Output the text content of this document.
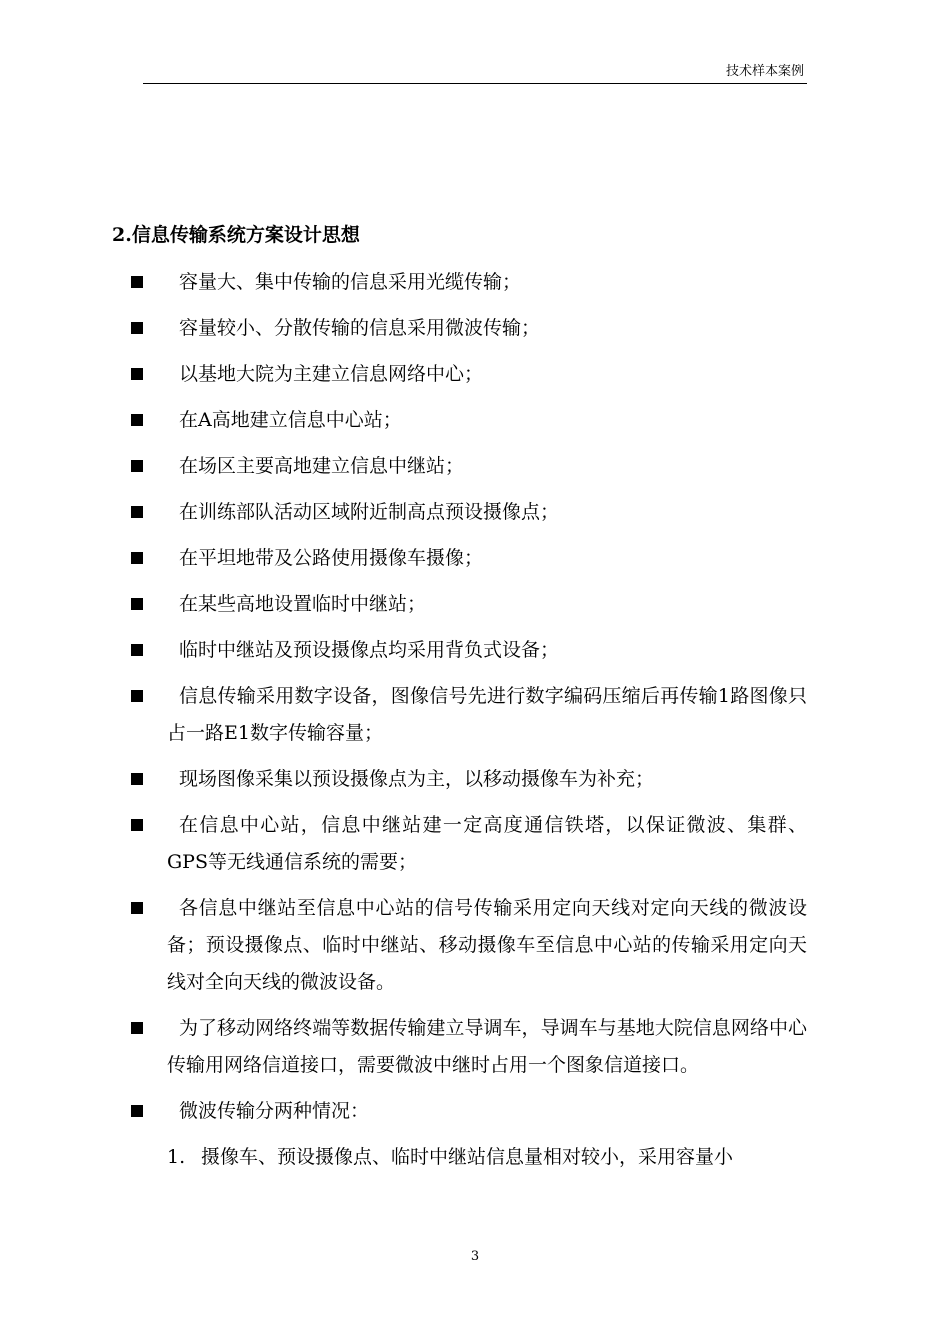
技术样本案例
2.信息传输系统方案设计思想
容量大、集中传输的信息采用光缆传输；
容量较小、分散传输的信息采用微波传输；
以基地大院为主建立信息网络中心；
在A高地建立信息中心站；
在场区主要高地建立信息中继站；
在训练部队活动区域附近制高点预设摄像点；
在平坦地带及公路使用摄像车摄像；
在某些高地设置临时中继站；
临时中继站及预设摄像点均采用背负式设备；
信息传输采用数字设备，图像信号先进行数字编码压缩后再传输1路图像只占一路E1数字传输容量；
现场图像采集以预设摄像点为主，以移动摄像车为补充；
在信息中心站，信息中继站建一定高度通信铁塔，以保证微波、集群、GPS等无线通信系统的需要；
各信息中继站至信息中心站的信号传输采用定向天线对定向天线的微波设备；预设摄像点、临时中继站、移动摄像车至信息中心站的传输采用定向天线对全向天线的微波设备。
为了移动网络终端等数据传输建立导调车，导调车与基地大院信息网络中心传输用网络信道接口，需要微波中继时占用一个图象信道接口。
微波传输分两种情况：
1. 摄像车、预设摄像点、临时中继站信息量相对较小，采用容量小
3
